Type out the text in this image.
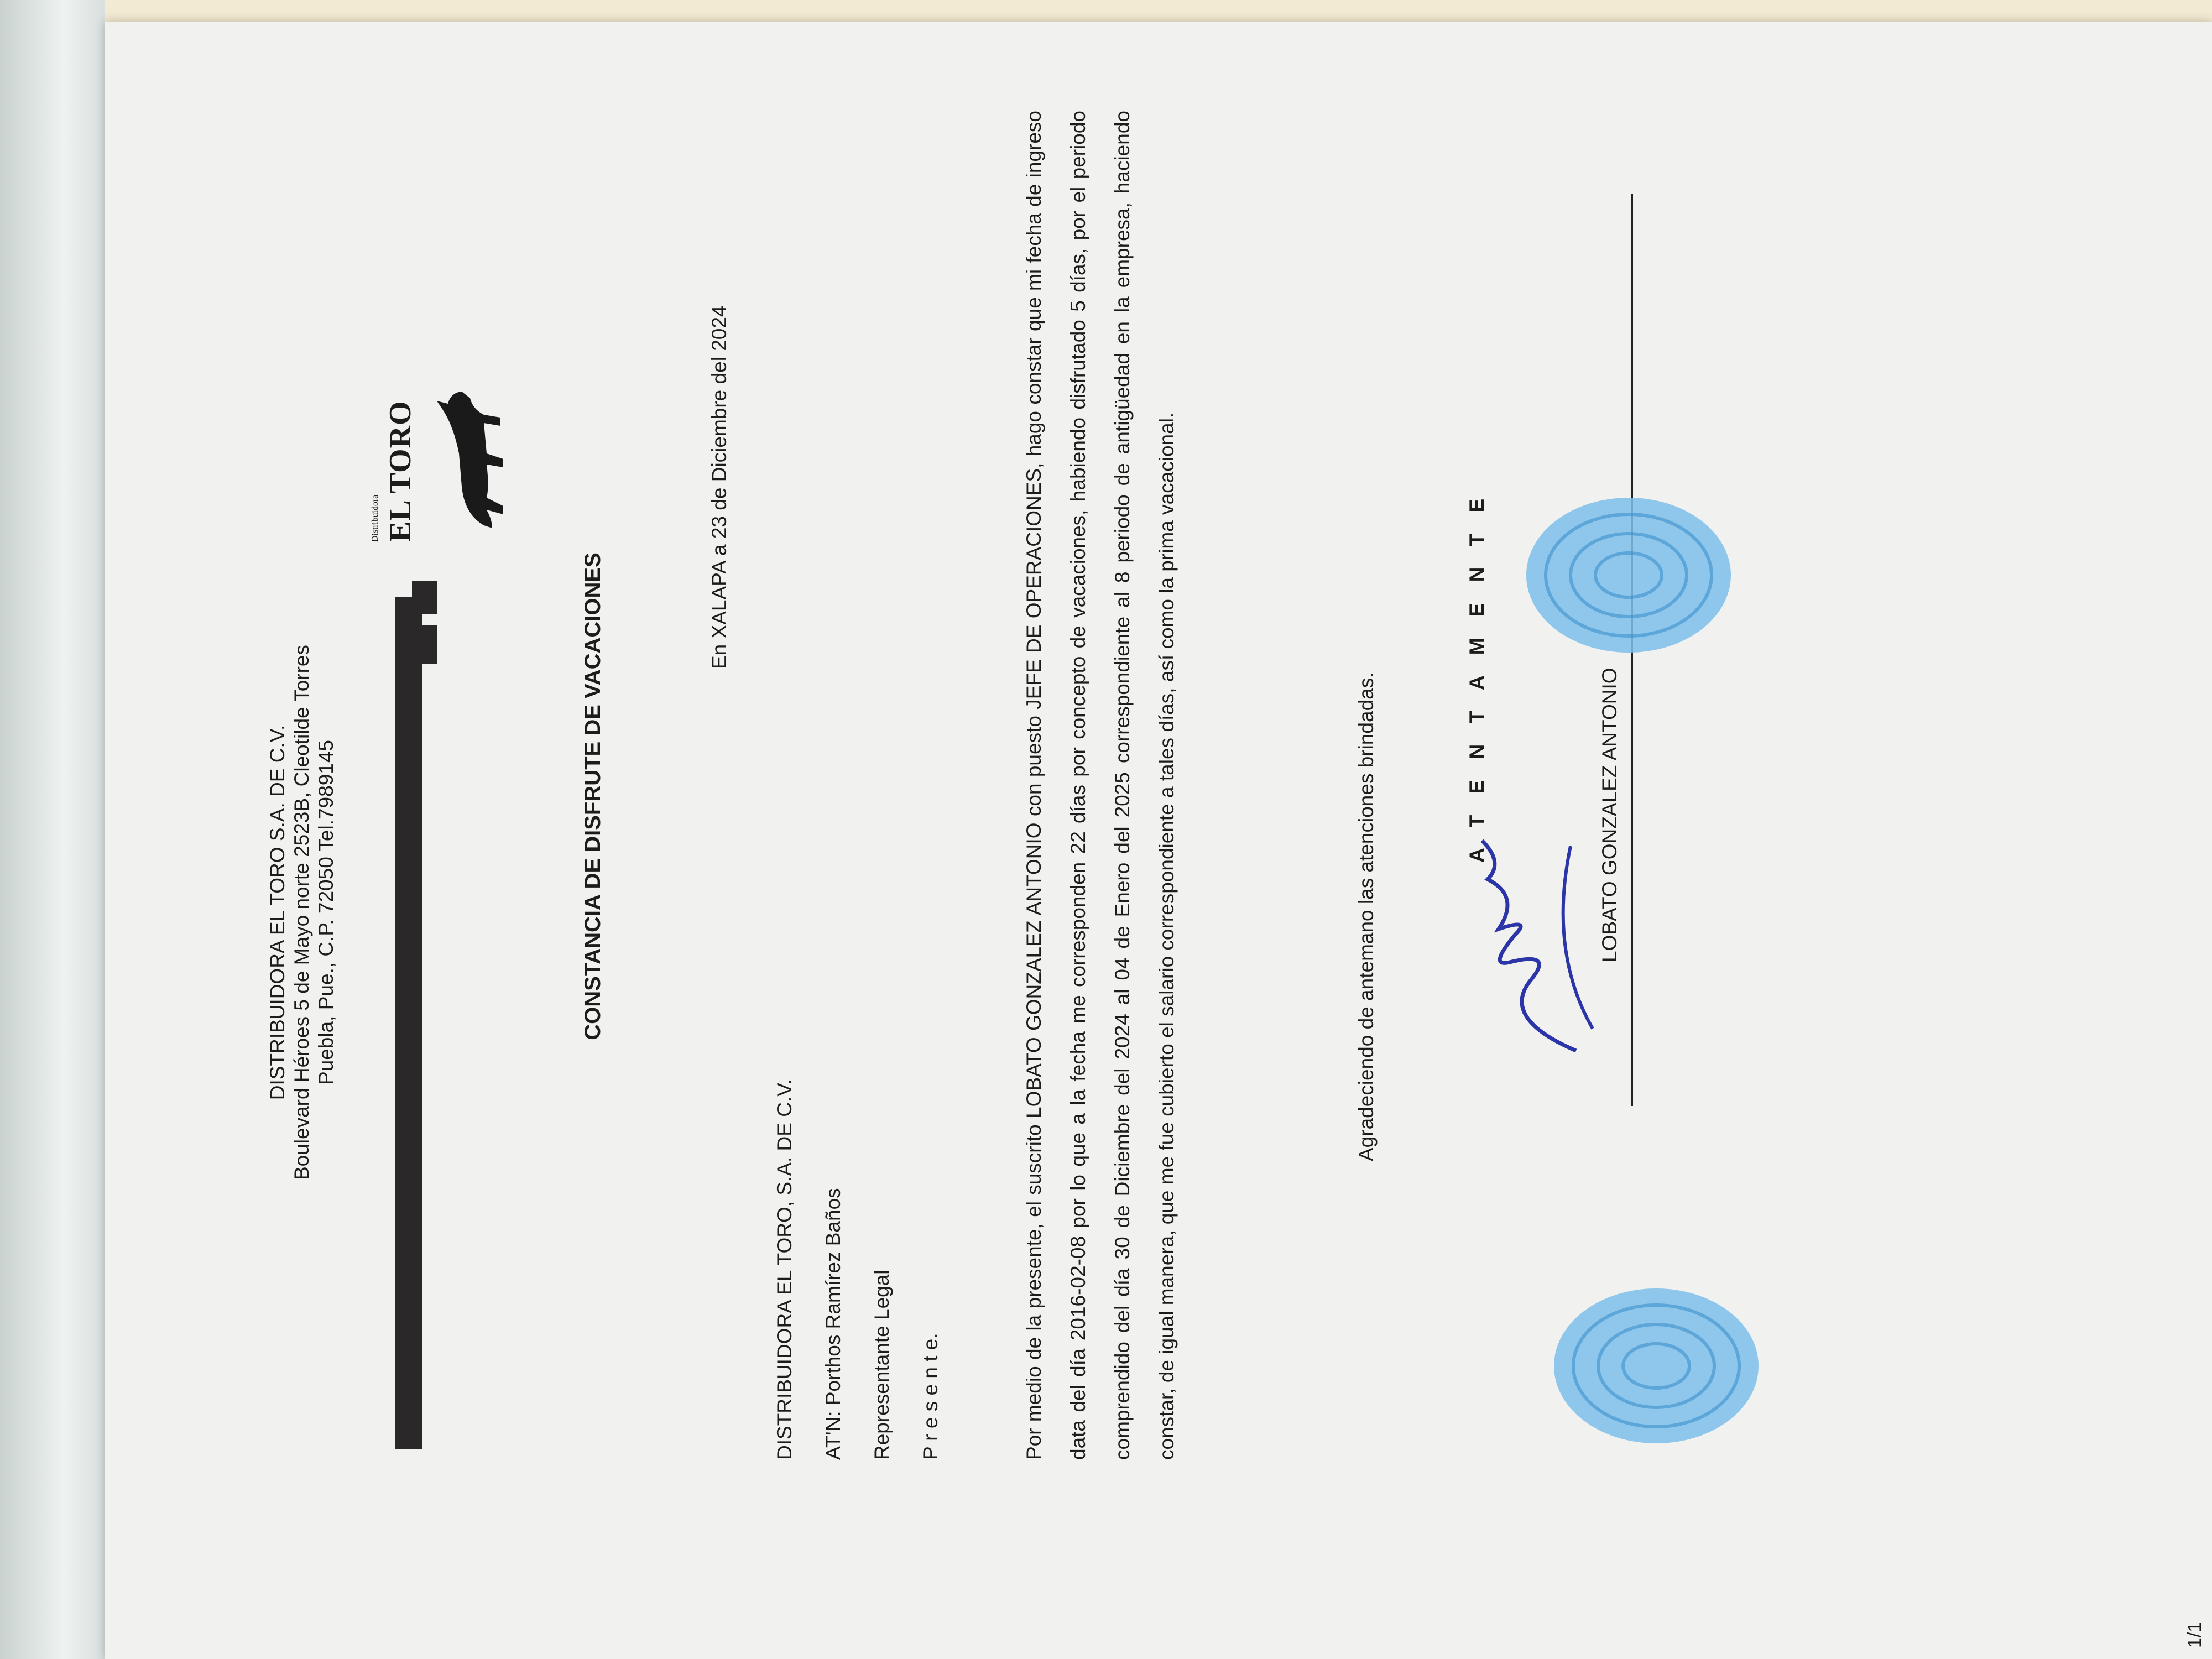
DISTRIBUIDORA EL TORO S.A. DE C.V. Boulevard Héroes 5 de Mayo norte 2523B, Cleotilde Torres Puebla, Pue., C.P. 72050 Tel.7989145
Distribuidora EL TORO
CONSTANCIA DE DISFRUTE DE VACACIONES
En XALAPA a 23 de Diciembre del 2024
DISTRIBUIDORA EL TORO, S.A. DE C.V.	AT'N: Porthos Ramírez Baños	Representante Legal	P r e s e n t e.	Por medio de la presente, el suscrito LOBATO GONZALEZ ANTONIO con puesto JEFE DE OPERACIONES, hago constar que mi fecha de ingreso data del día 2016-02-08 por lo que a la fecha me corresponden 22 días por concepto de vacaciones, habiendo disfrutado 5 días, por el periodo comprendido del día 30 de Diciembre del 2024 al 04 de Enero del 2025 correspondiente al 8 periodo de antigüedad en la empresa, haciendo constar, de igual manera, que me fue cubierto el salario correspondiente a tales días, así como la prima vacacional.	Agradeciendo de antemano las atenciones brindadas.	A T E N T A M E N T E	LOBATO GONZALEZ ANTONIO
1/1
